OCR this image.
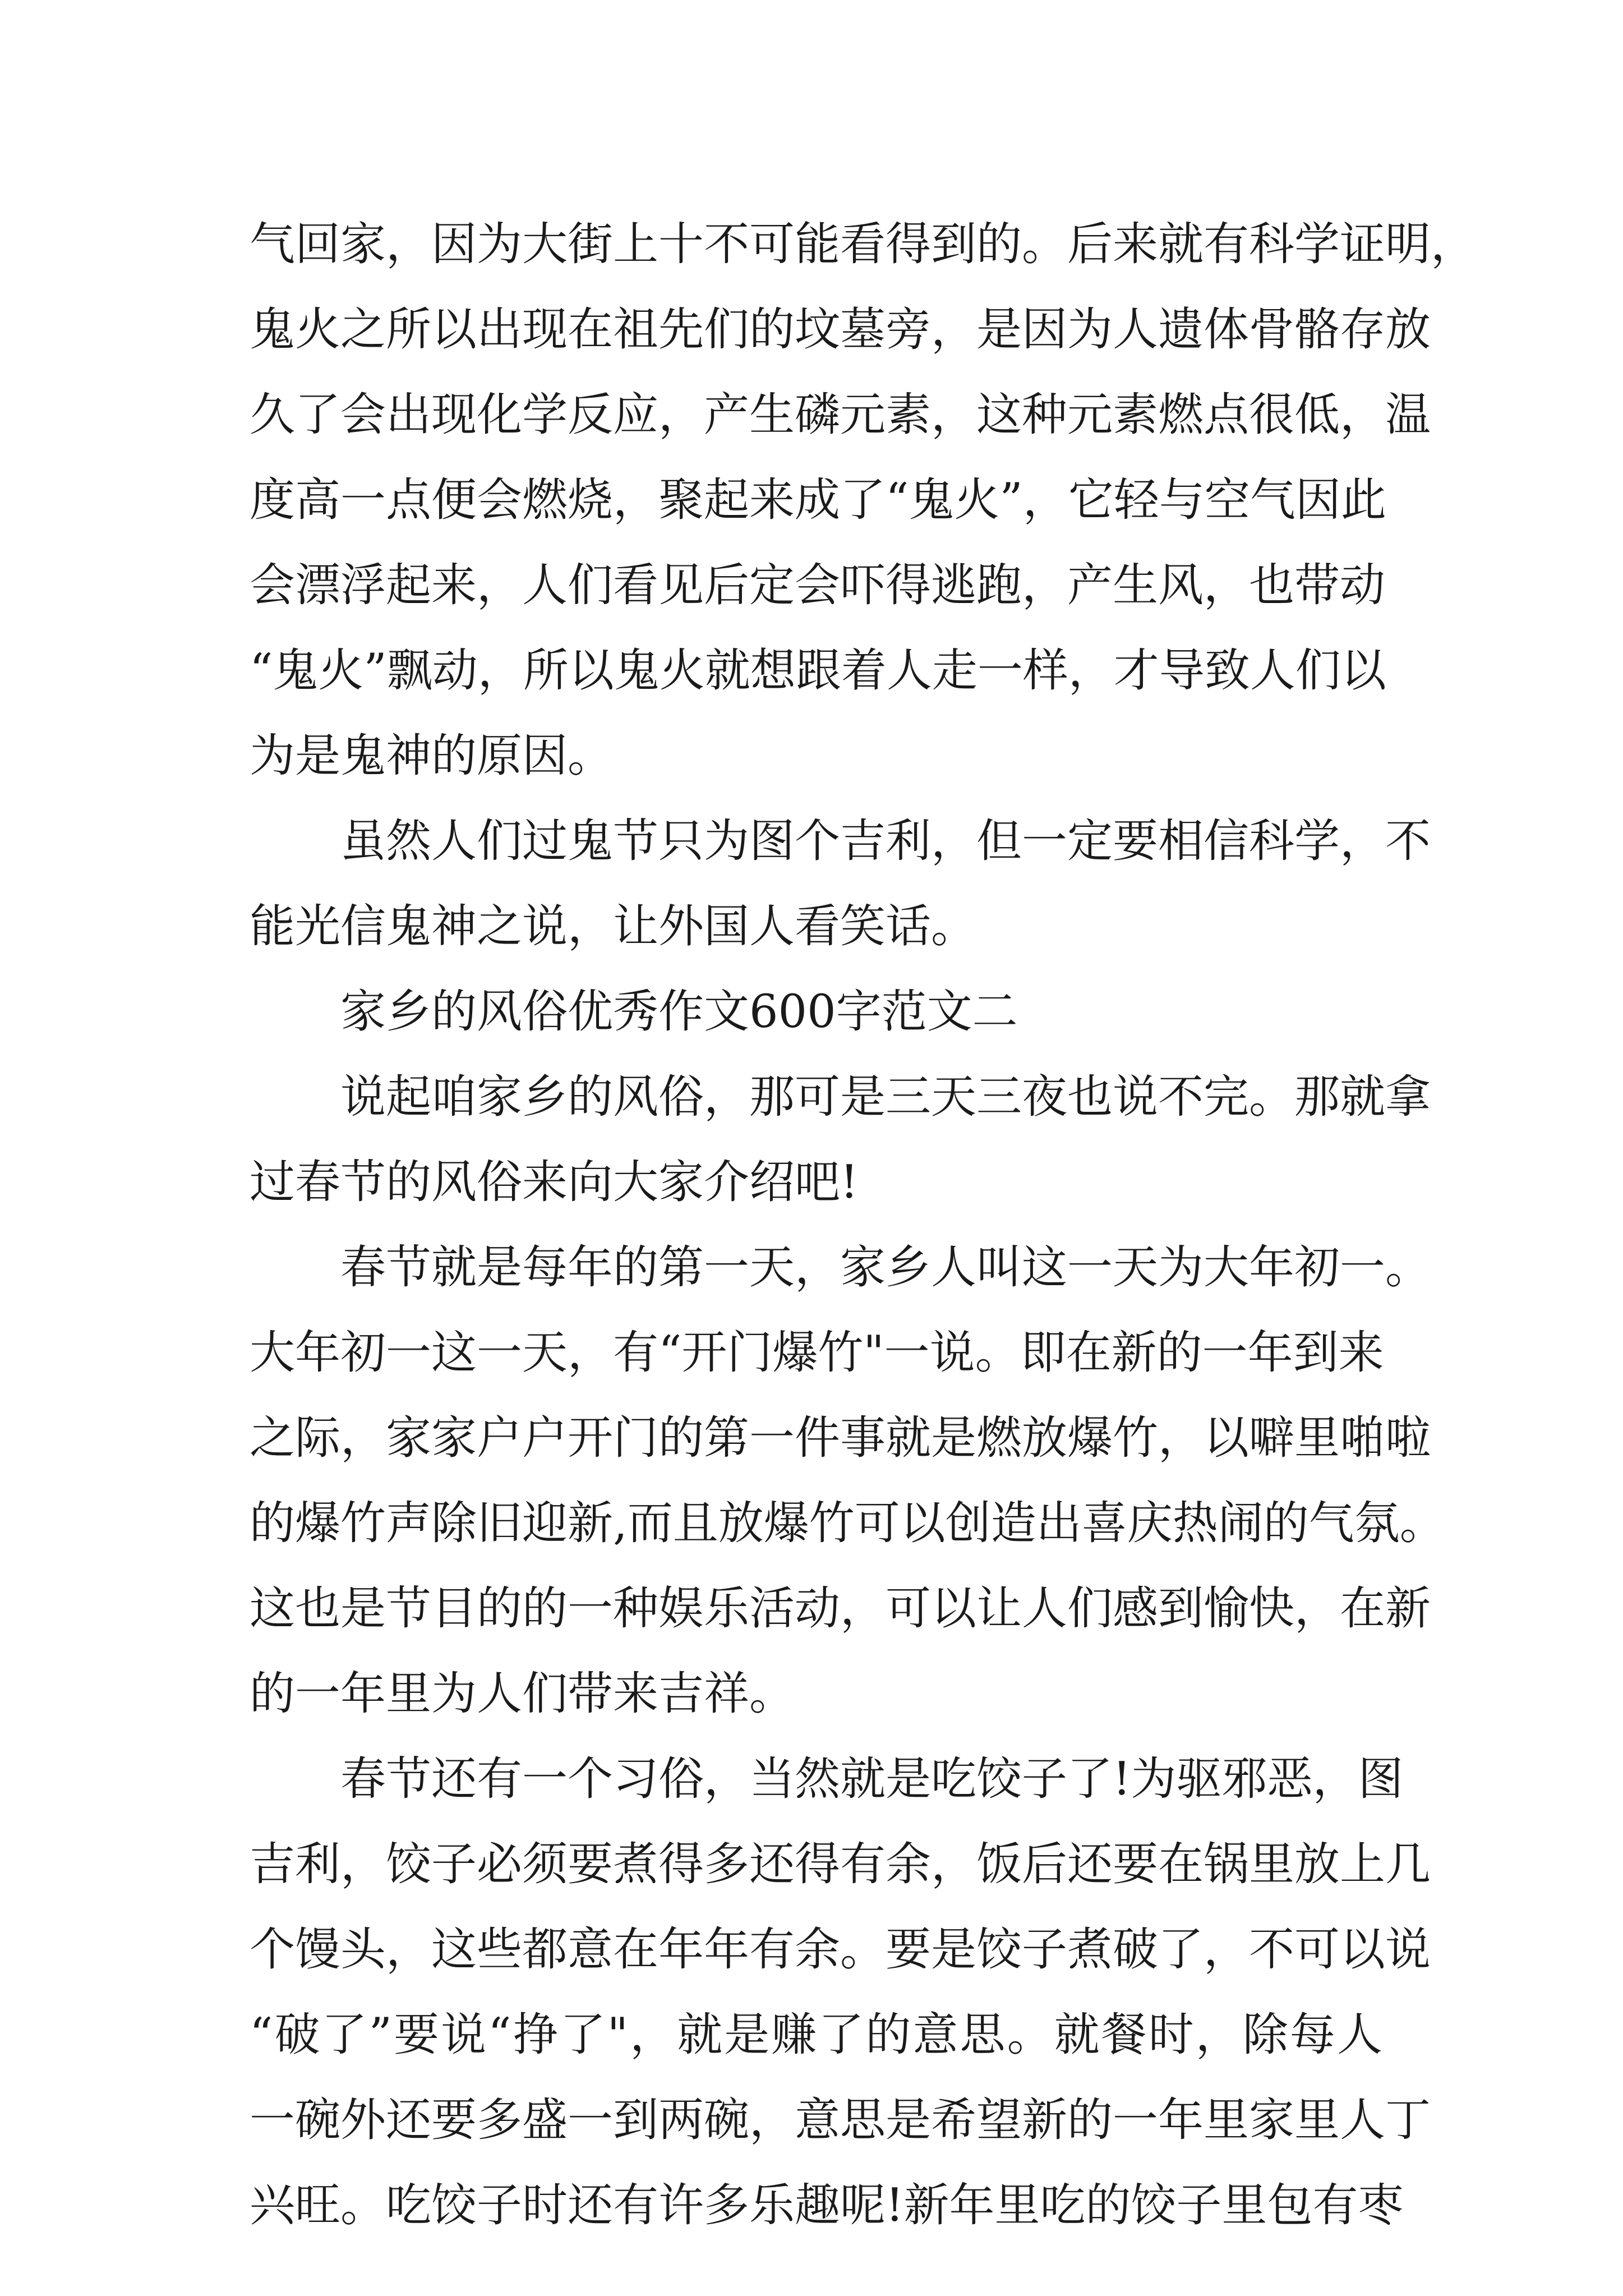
气回家，因为大街上十不可能看得到的。后来就有科学证明，
鬼火之所以出现在祖先们的坟墓旁，是因为人遗体骨骼存放
久了会出现化学反应，产生磷元素，这种元素燃点很低，温
度高一点便会燃烧，聚起来成了“鬼火”，它轻与空气因此
会漂浮起来，人们看见后定会吓得逃跑，产生风，也带动
“鬼火”飘动，所以鬼火就想跟着人走一样，才导致人们以
为是鬼神的原因。
虽然人们过鬼节只为图个吉利，但一定要相信科学，不
能光信鬼神之说，让外国人看笑话。
家乡的风俗优秀作文600字范文二
说起咱家乡的风俗，那可是三天三夜也说不完。那就拿
过春节的风俗来向大家介绍吧!
春节就是每年的第一天，家乡人叫这一天为大年初一。
大年初一这一天，有“开门爆竹"一说。即在新的一年到来
之际，家家户户开门的第一件事就是燃放爆竹，以噼里啪啦
的爆竹声除旧迎新,而且放爆竹可以创造出喜庆热闹的气氛。
这也是节目的的一种娱乐活动，可以让人们感到愉快，在新
的一年里为人们带来吉祥。
春节还有一个习俗，当然就是吃饺子了!为驱邪恶，图
吉利，饺子必须要煮得多还得有余，饭后还要在锅里放上几
个馒头，这些都意在年年有余。要是饺子煮破了，不可以说
“破了”要说“挣了"，就是赚了的意思。就餐时，除每人
一碗外还要多盛一到两碗，意思是希望新的一年里家里人丁
兴旺。吃饺子时还有许多乐趣呢!新年里吃的饺子里包有枣
